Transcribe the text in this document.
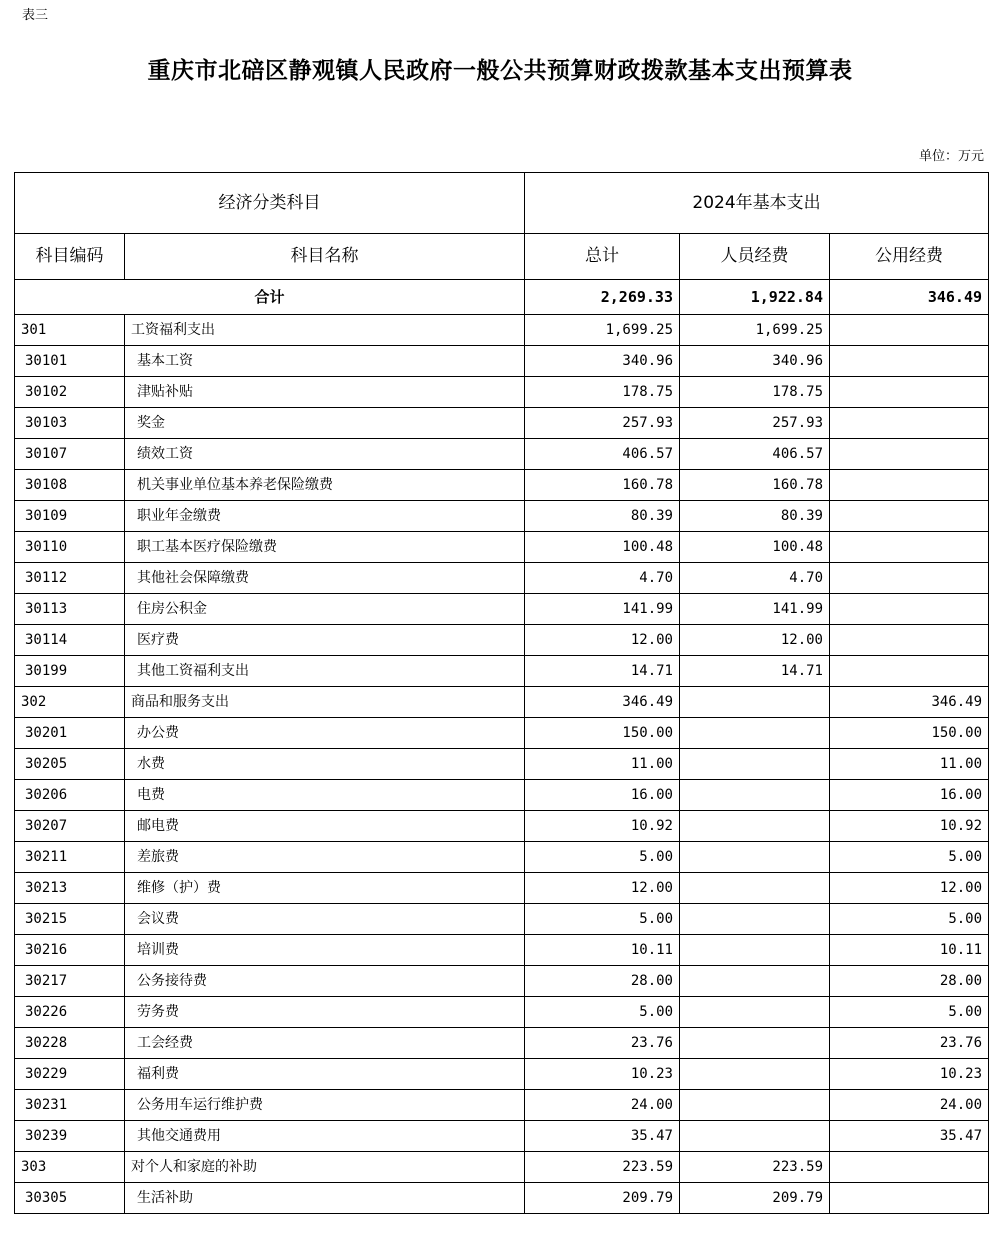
表三
重庆市北碚区静观镇人民政府一般公共预算财政拨款基本支出预算表
单位：万元
经济分类科目		2024年基本支出		
科目编码	科目名称	总计	人员经费	公用经费
合计		2,269.33	1,922.84	346.49
301	工资福利支出	1,699.25	1,699.25	
30101	基本工资	340.96	340.96	
30102	津贴补贴	178.75	178.75	
30103	奖金	257.93	257.93	
30107	绩效工资	406.57	406.57	
30108	机关事业单位基本养老保险缴费	160.78	160.78	
30109	职业年金缴费	80.39	80.39	
30110	职工基本医疗保险缴费	100.48	100.48	
30112	其他社会保障缴费	4.70	4.70	
30113	住房公积金	141.99	141.99	
30114	医疗费	12.00	12.00	
30199	其他工资福利支出	14.71	14.71	
302	商品和服务支出	346.49		346.49
30201	办公费	150.00		150.00
30205	水费	11.00		11.00
30206	电费	16.00		16.00
30207	邮电费	10.92		10.92
30211	差旅费	5.00		5.00
30213	维修（护）费	12.00		12.00
30215	会议费	5.00		5.00
30216	培训费	10.11		10.11
30217	公务接待费	28.00		28.00
30226	劳务费	5.00		5.00
30228	工会经费	23.76		23.76
30229	福利费	10.23		10.23
30231	公务用车运行维护费	24.00		24.00
30239	其他交通费用	35.47		35.47
303	对个人和家庭的补助	223.59	223.59	
30305	生活补助	209.79	209.79	
